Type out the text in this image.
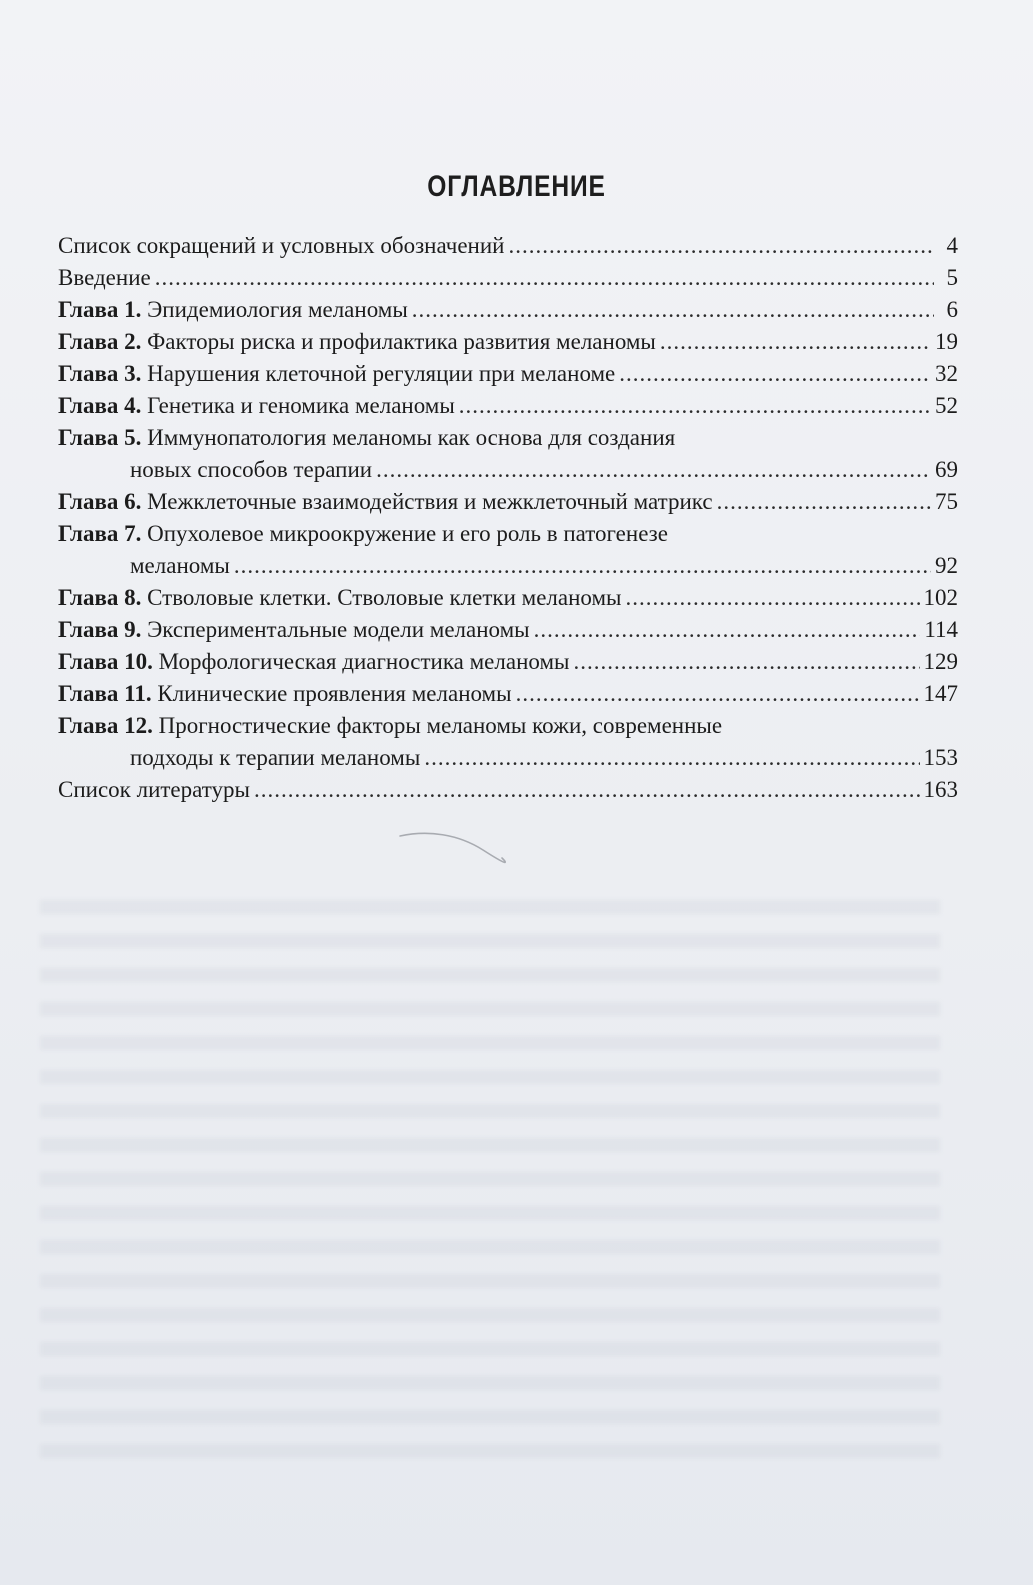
ОГЛАВЛЕНИЕ
Список сокращений и условных обозначений .....	4
Введение .....	5
Глава 1. Эпидемиология меланомы .....	6
Глава 2. Факторы риска и профилактика развития меланомы .....	19
Глава 3. Нарушения клеточной регуляции при меланоме .....	32
Глава 4. Генетика и геномика меланомы .....	52
Глава 5. Иммунопатология меланомы как основа для создания
новых способов терапии .....	69
Глава 6. Межклеточные взаимодействия и межклеточный матрикс .....	75
Глава 7. Опухолевое микроокружение и его роль в патогенезе
меланомы .....	92
Глава 8. Стволовые клетки. Стволовые клетки меланомы .....	102
Глава 9. Экспериментальные модели меланомы .....	114
Глава 10. Морфологическая диагностика меланомы .....	129
Глава 11. Клинические проявления меланомы .....	147
Глава 12. Прогностические факторы меланомы кожи, современные
подходы к терапии меланомы .....	153
Список литературы .....	163
